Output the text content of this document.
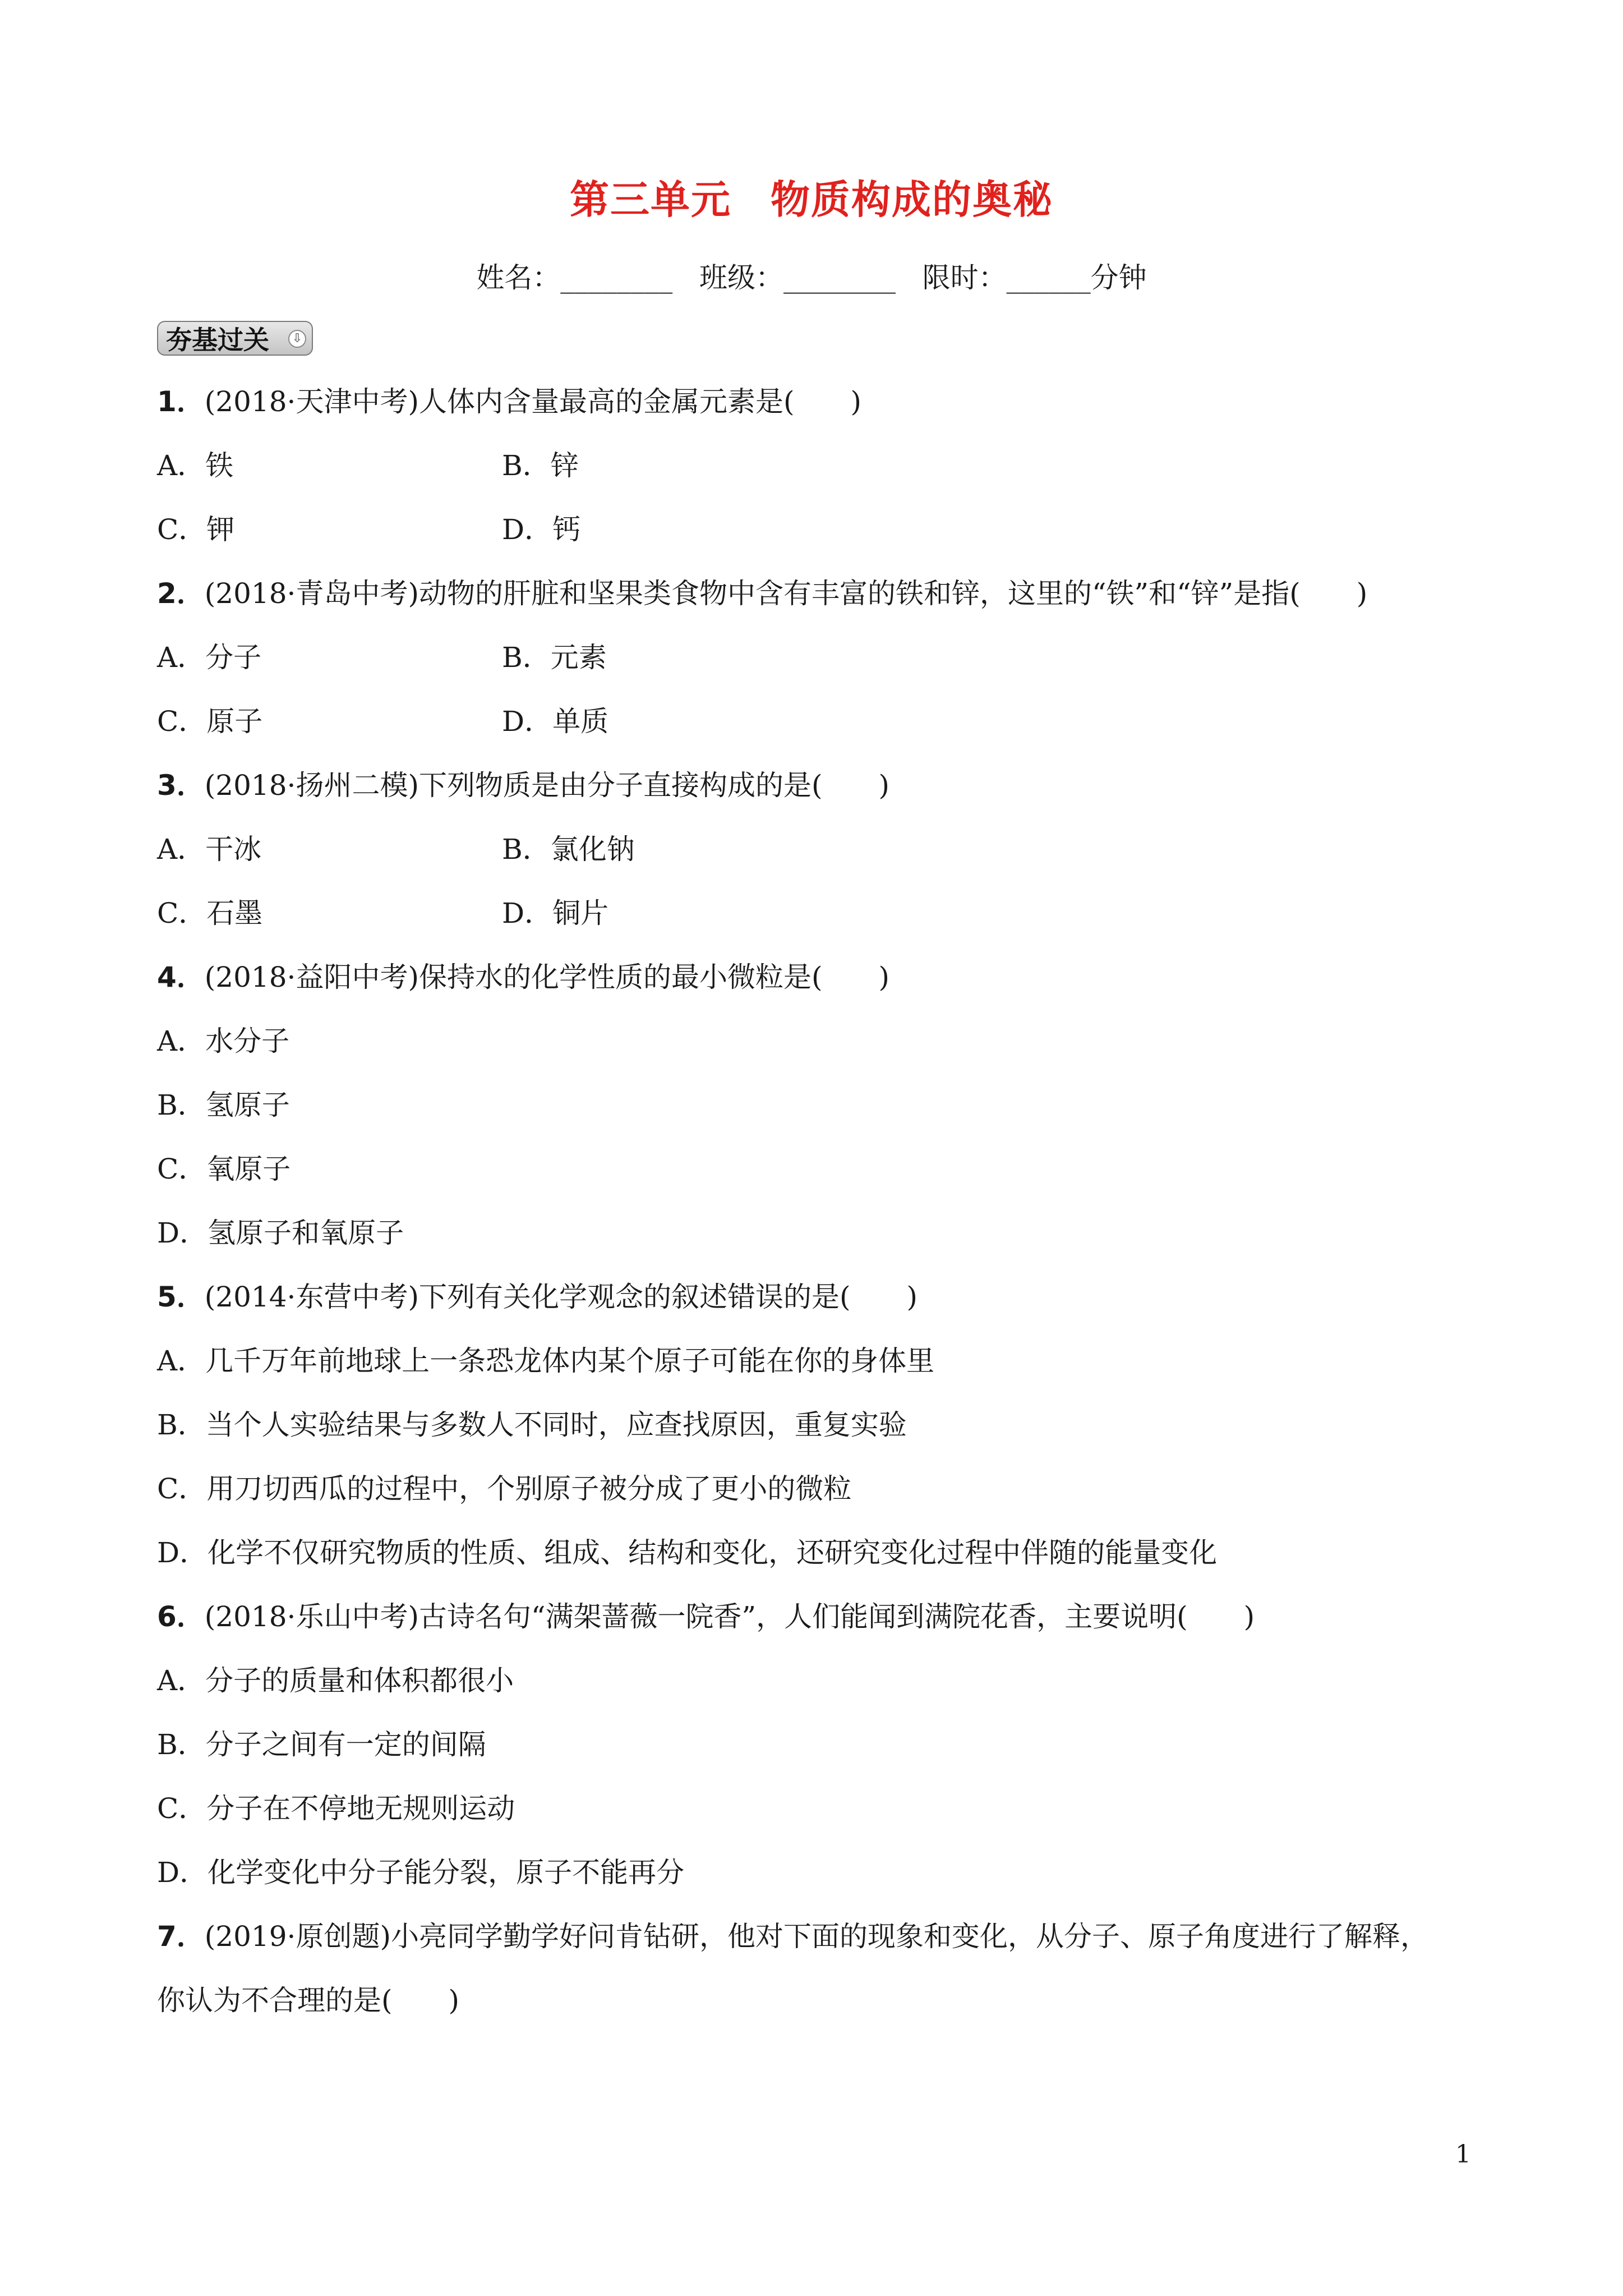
第三单元 物质构成的奥秘
姓名：________   班级：________   限时：______分钟
夯基过关	⇩
1．(2018·天津中考)人体内含量最高的金属元素是(　　)
A．铁	B．锌
C．钾	D．钙
2．(2018·青岛中考)动物的肝脏和坚果类食物中含有丰富的铁和锌，这里的“铁”和“锌”是指(　　)
A．分子	B．元素
C．原子	D．单质
3．(2018·扬州二模)下列物质是由分子直接构成的是(　　)
A．干冰	B．氯化钠
C．石墨	D．铜片
4．(2018·益阳中考)保持水的化学性质的最小微粒是(　　)
A．水分子
B．氢原子
C．氧原子
D．氢原子和氧原子
5．(2014·东营中考)下列有关化学观念的叙述错误的是(　　)
A．几千万年前地球上一条恐龙体内某个原子可能在你的身体里
B．当个人实验结果与多数人不同时，应查找原因，重复实验
C．用刀切西瓜的过程中，个别原子被分成了更小的微粒
D．化学不仅研究物质的性质、组成、结构和变化，还研究变化过程中伴随的能量变化
6．(2018·乐山中考)古诗名句“满架蔷薇一院香”，人们能闻到满院花香，主要说明(　　)
A．分子的质量和体积都很小
B．分子之间有一定的间隔
C．分子在不停地无规则运动
D．化学变化中分子能分裂，原子不能再分
7．(2019·原创题)小亮同学勤学好问肯钻研，他对下面的现象和变化，从分子、原子角度进行了解释，
你认为不合理的是(　　)
1
